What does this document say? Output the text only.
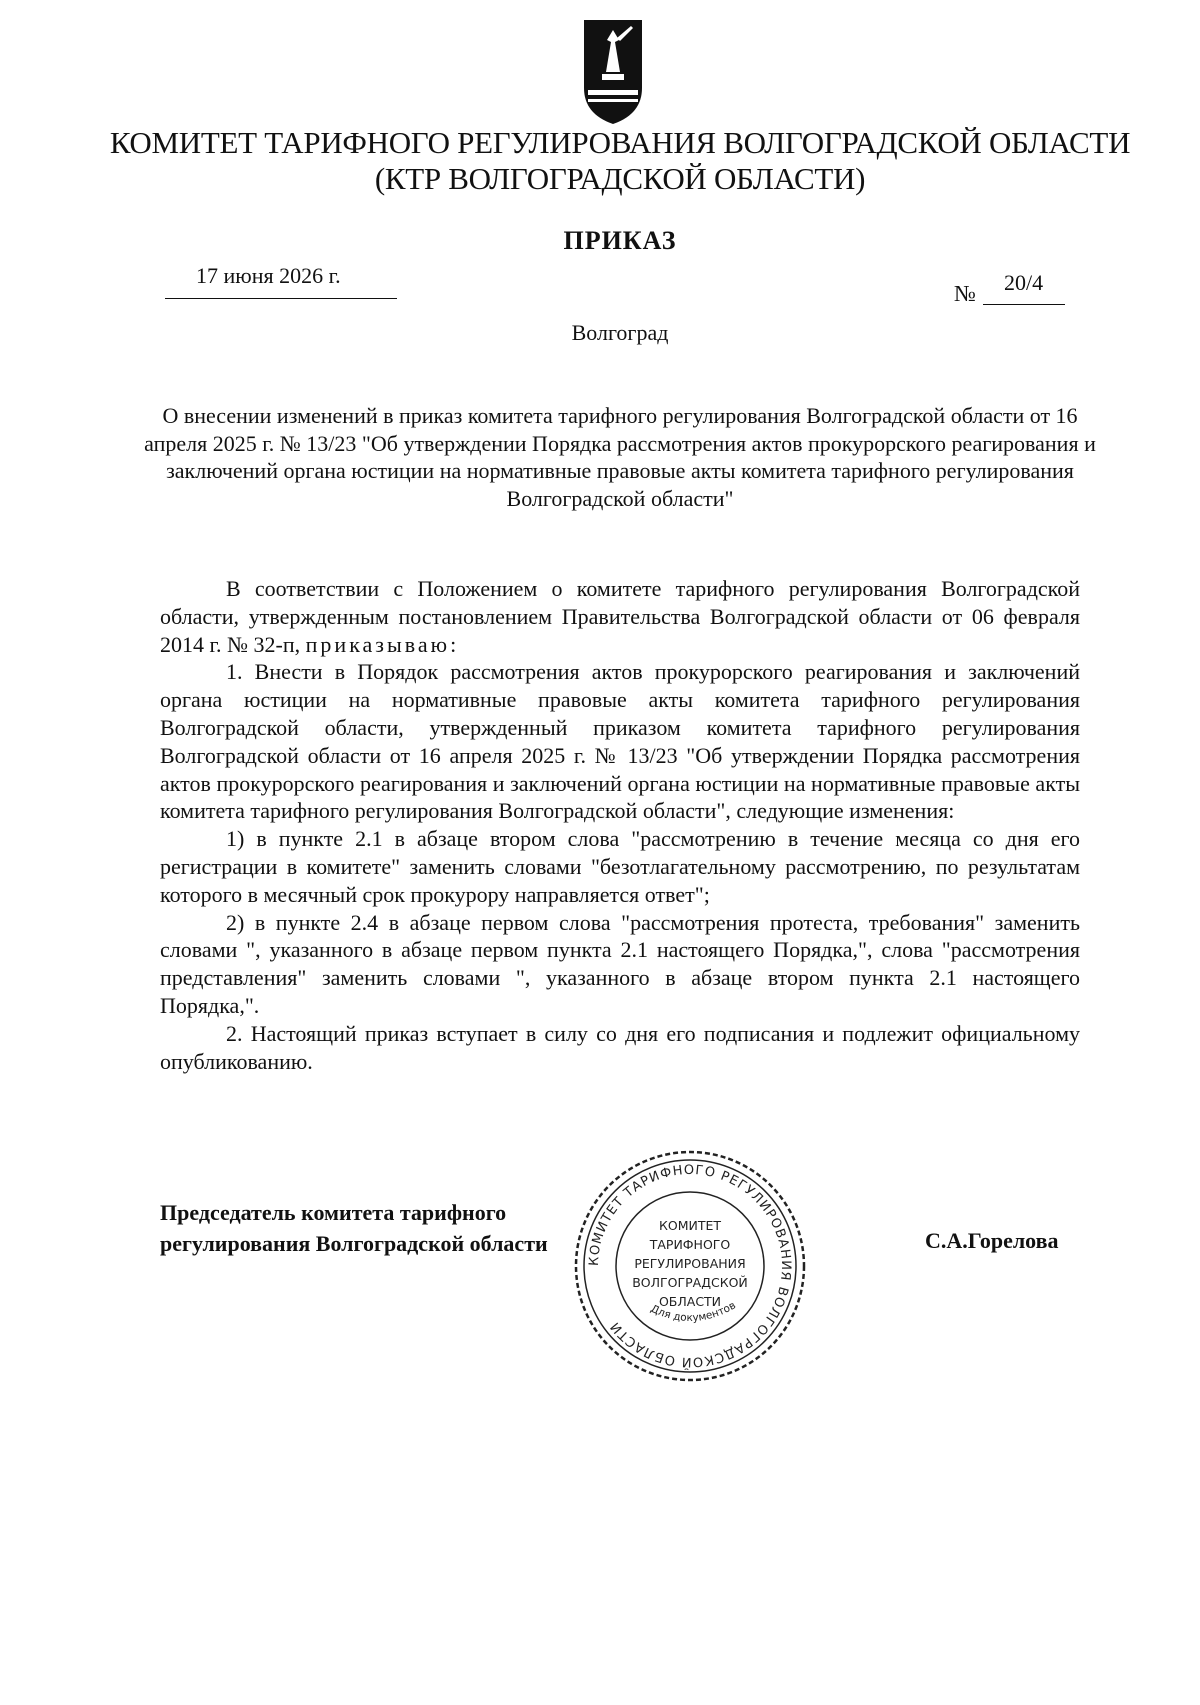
КОМИТЕТ ТАРИФНОГО РЕГУЛИРОВАНИЯ ВОЛГОГРАДСКОЙ ОБЛАСТИ
(КТР ВОЛГОГРАДСКОЙ ОБЛАСТИ)
ПРИКАЗ
17 июня 2026 г.
№ 20/4
Волгоград
О внесении изменений в приказ комитета тарифного регулирования Волгоградской области от 16 апреля 2025 г. № 13/23 "Об утверждении Порядка рассмотрения актов прокурорского реагирования и заключений органа юстиции на нормативные правовые акты комитета тарифного регулирования Волгоградской области"

В соответствии с Положением о комитете тарифного регулирования Волгоградской области, утвержденным постановлением Правительства Волгоградской области от 06 февраля 2014 г. № 32-п, приказываю:

1. Внести в Порядок рассмотрения актов прокурорского реагирования и заключений органа юстиции на нормативные правовые акты комитета тарифного регулирования Волгоградской области, утвержденный приказом комитета тарифного регулирования Волгоградской области от 16 апреля 2025 г. № 13/23 "Об утверждении Порядка рассмотрения актов прокурорского реагирования и заключений органа юстиции на нормативные правовые акты комитета тарифного регулирования Волгоградской области", следующие изменения:

1) в пункте 2.1 в абзаце втором слова "рассмотрению в течение месяца со дня его регистрации в комитете" заменить словами "безотлагательному рассмотрению, по результатам которого в месячный срок прокурору направляется ответ";

2) в пункте 2.4 в абзаце первом слова "рассмотрения протеста, требования" заменить словами ", указанного в абзаце первом пункта 2.1 настоящего Порядка,", слова "рассмотрения представления" заменить словами ", указанного в абзаце втором пункта 2.1 настоящего Порядка,".

2. Настоящий приказ вступает в силу со дня его подписания и подлежит официальному опубликованию.

Председатель комитета тарифного
регулирования Волгоградской области	С.А.Горелова
КОМИТЕТ ТАРИФНОГО РЕГУЛИРОВАНИЯ ВОЛГОГРАДСКОЙ ОБЛАСТИ
КОМИТЕТ
ТАРИФНОГО
РЕГУЛИРОВАНИЯ
ВОЛГОГРАДСКОЙ
ОБЛАСТИ
Для документов
